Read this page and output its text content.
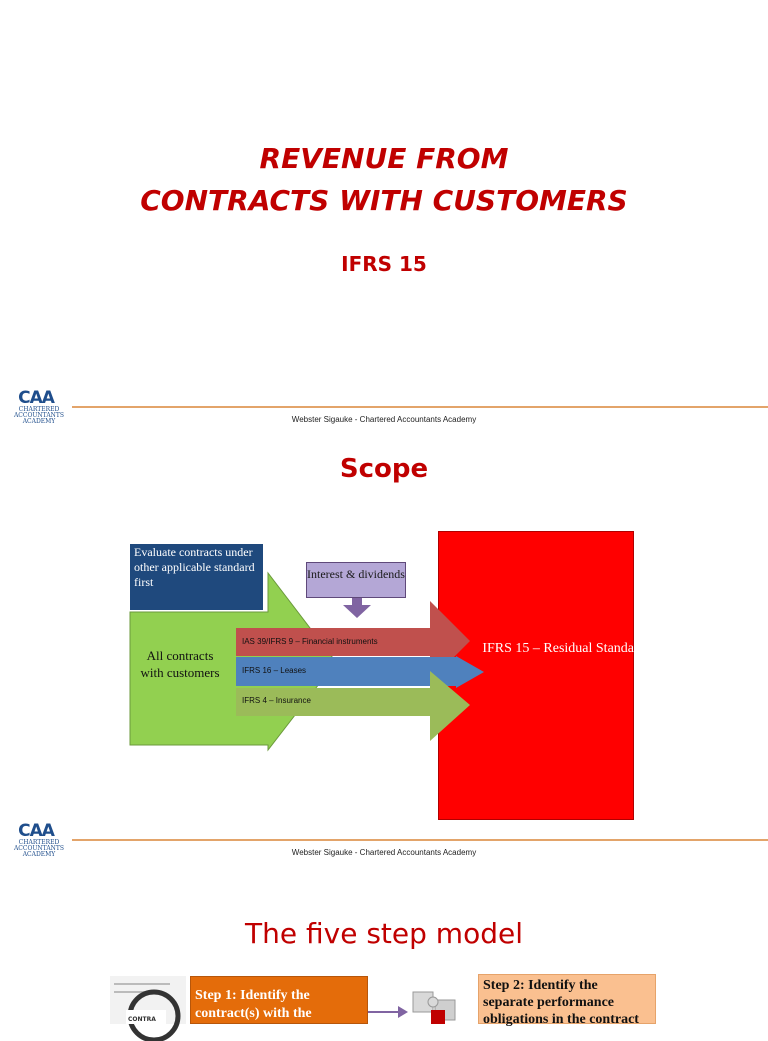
REVENUE FROM
CONTRACTS WITH CUSTOMERS
IFRS 15
CAA
CHARTERED
ACCOUNTANTS
ACADEMY	Webster Sigauke - Chartered Accountants Academy
Scope
IFRS 15 – Residual Standard
Evaluate contracts under other applicable standard first
All contracts with customers
Interest & dividends
IAS 39/IFRS 9 – Financial instruments
IFRS 16 – Leases
IFRS 4 – Insurance
CAA
CHARTERED
ACCOUNTANTS
ACADEMY	Webster Sigauke - Chartered Accountants Academy
The five step model
CONTRA
Step 1: Identify the contract(s) with the customer
Step 2: Identify the separate performance obligations in the contract
